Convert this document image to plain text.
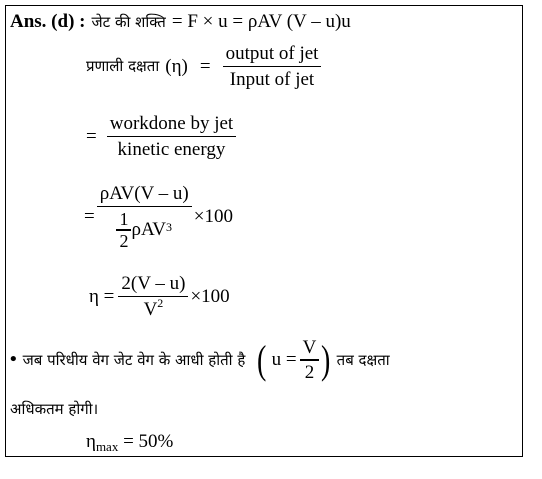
Ans. (d) : जेट की शक्ति = F × u = ρAV (V – u)u
प्रणाली दक्षता $(\eta) = \frac{\text{output of jet}}{\text{Input of jet}}$
= $\frac{\text{workdone by jet}}{\text{kinetic energy}}$
= $\frac{\text{ρAV(V – u)}}{\frac{1}{2} \rho AV 3} \times 100$
$\eta = \frac{2(V - u)}{V^2} \times 100$
• जब परिधीय वेग जेट वेग के आधी होती है ( $u = \frac{V}{2}$ ) तब दक्षता
अधिकतम होगी।
$\eta_{max} = 50\%$
